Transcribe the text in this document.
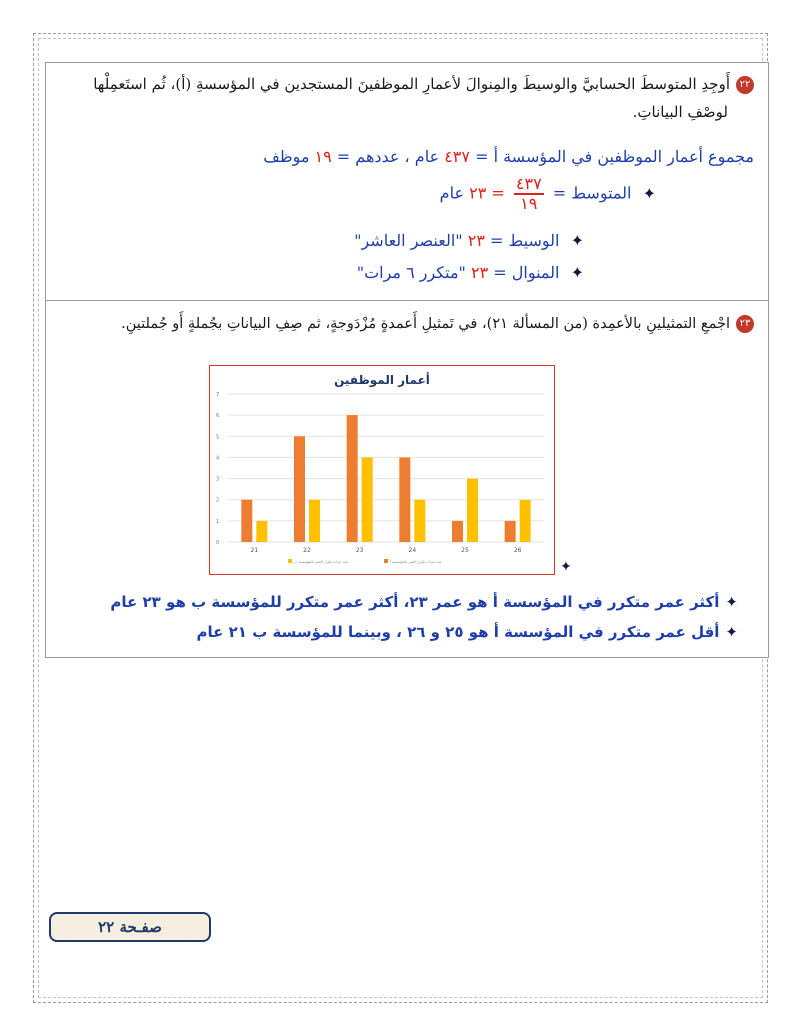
٢٢أَوجِدِ المتوسطَ الحسابيَّ والوسيطَ والمِنوالَ لأعمارِ الموظفينَ المستجدين في المؤسسةِ (أ)، ثُم استَعمِلْها
لوصْفِ البياناتِ.
مجموع أعمار الموظفين في المؤسسة أ = ٤٣٧ عام ، عددهم = ١٩ موظف
✦ المتوسط =
$\frac{٤٣٧}{١٩}$
= ٢٣ عام
✦ الوسيط = ٢٣ "العنصر العاشر"
✦ المنوال = ٢٣ "متكرر ٦ مرات"
٢٣اجْمعِ التمثيلينِ بالأعمِدة (من المسألة ٢١)، في تَمثيلِ أَعمدةٍ مُزْدَوجةٍ، ثم صِفِ البياناتِ بجُملةٍ أَو جُملتينِ.
أعمار الموظفين
0
1
2
3
4
5
6
7
21	22	23	24	25	26
عدد مرات تكرار العمر بالمؤسسة ب	عدد مرات تكرار العمر بالمؤسسة أ	✦
✦أكثر عمر متكرر في المؤسسة أ هو عمر ٢٣، أكثر عمر متكرر للمؤسسة ب هو ٢٣ عام
✦أقل عمر متكرر في المؤسسة أ هو ٢٥ و ٢٦ ، وبينما للمؤسسة ب ٢١ عام
صفـحة ٢٢
